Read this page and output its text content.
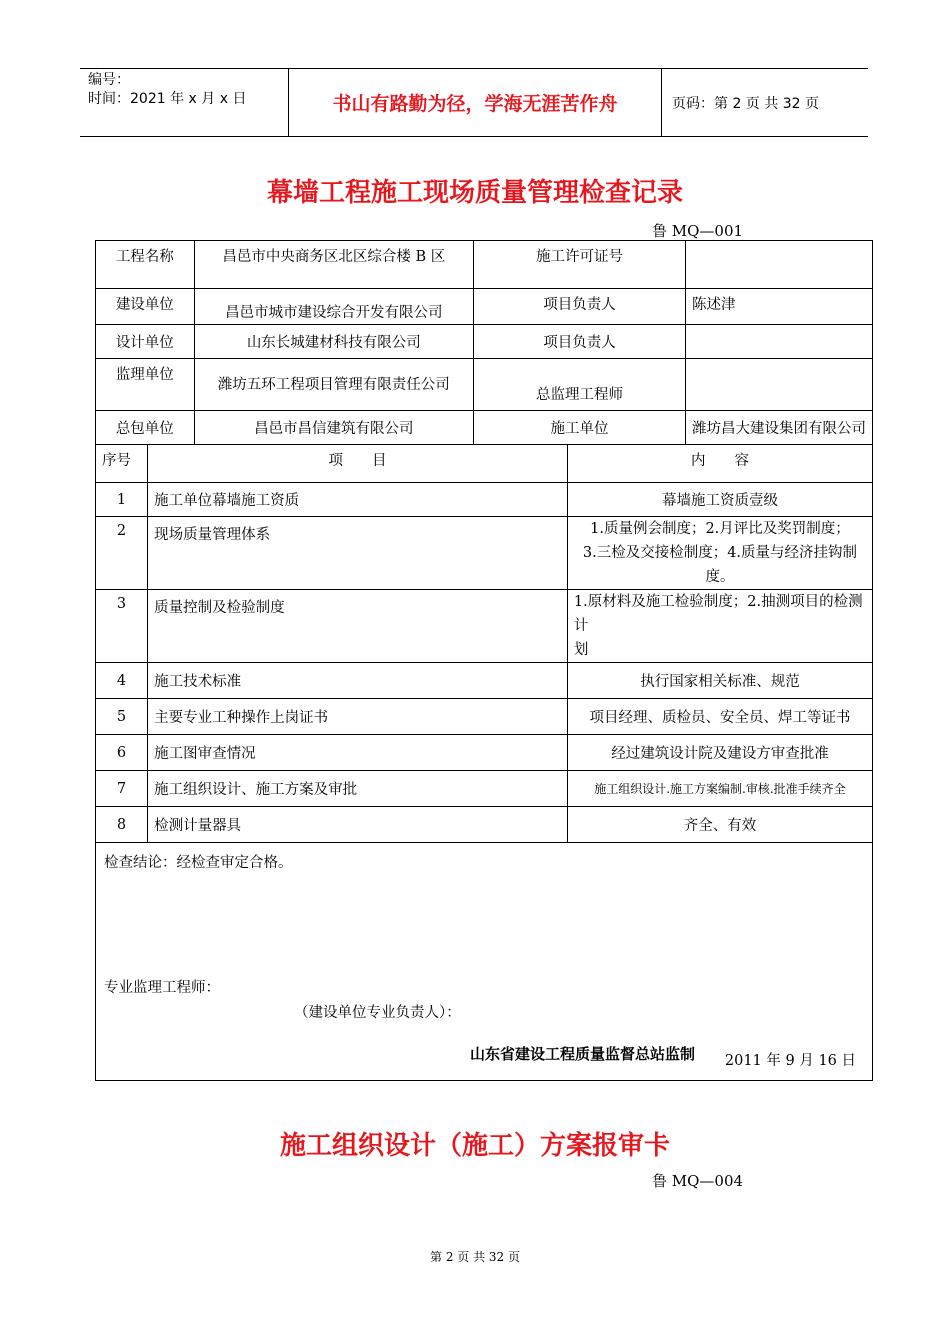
编号：
时间：2021 年 x 月 x 日	书山有路勤为径，学海无涯苦作舟	页码：第 2 页 共 32 页
幕墙工程施工现场质量管理检查记录
鲁 MQ—001
工程名称		昌邑市中央商务区北区综合楼 B 区	施工许可证号		
建设单位		昌邑市城市建设综合开发有限公司	项目负责人		陈述津
设计单位		山东长城建材科技有限公司	项目负责人		
监理单位		潍坊五环工程项目管理有限责任公司	总监理工程师		
总包单位		昌邑市昌信建筑有限公司	施工单位		潍坊昌大建设集团有限公司
序号	项　　目			内　　容	
1	施工单位幕墙施工资质			幕墙施工资质壹级	
2	现场质量管理体系			1.质量例会制度；2.月评比及奖罚制度；
3.三检及交接检制度；4.质量与经济挂钩制度。	

3	质量控制及检验制度			1.原材料及施工检验制度；2.抽测项目的检测计
划	

4	施工技术标准			执行国家相关标准、规范	
5	主要专业工种操作上岗证书			项目经理、质检员、安全员、焊工等证书	
6	施工图审查情况			经过建筑设计院及建设方审查批准	
7	施工组织设计、施工方案及审批			施工组织设计.施工方案编制.审核.批准手续齐全	
8	检测计量器具			齐全、有效	

检查结论：经检查审定合格。
专业监理工程师：
（建设单位专业负责人）：
2011 年 9 月 16 日					
山东省建设工程质量监督总站监制
施工组织设计（施工）方案报审卡
鲁 MQ—004
第 2 页 共 32 页
